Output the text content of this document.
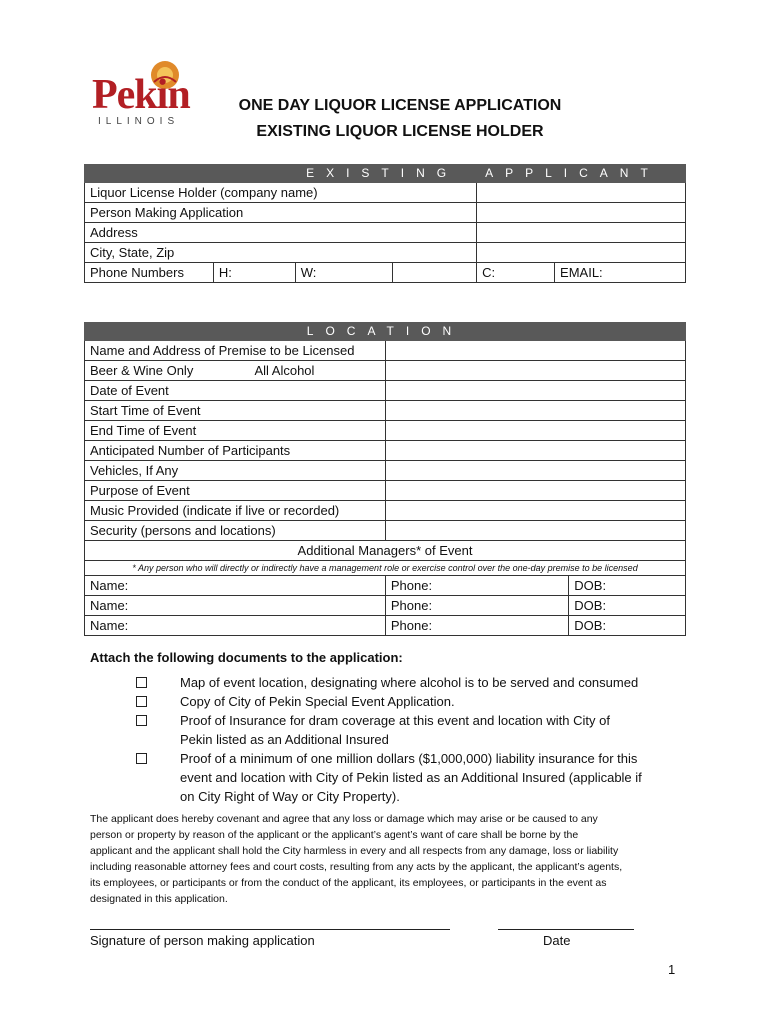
Pekin
ILLINOIS
ONE DAY LIQUOR LICENSE APPLICATION
EXISTING LIQUOR LICENSE HOLDER
EXISTING				APPLICANT	
Liquor License Holder (company name)					
Person Making Application					
Address					
City, State, Zip					
Phone Numbers	H:	W:		C:	EMAIL:
LOCATION			
Name and Address of Premise to be Licensed			
Beer & Wine Only	All Alcohol		
Date of Event			
Start Time of Event			
End Time of Event			
Anticipated Number of Participants			
Vehicles, If Any			
Purpose of Event			
Music Provided (indicate if live or recorded)			
Security (persons and locations)			
Additional Managers* of Event			
* Any person who will directly or indirectly have a management role or exercise control over the one-day premise to be licensed			
Name:		Phone:	DOB:
Name:		Phone:	DOB:
Name:		Phone:	DOB:
Attach the following documents to the application:
Map of event location, designating where alcohol is to be served and consumed
Copy of City of Pekin Special Event Application.
Proof of Insurance for dram coverage at this event and location with City of
Pekin listed as an Additional Insured
Proof of a minimum of one million dollars ($1,000,000) liability insurance for this
event and location with City of Pekin listed as an Additional Insured (applicable if
on City Right of Way or City Property).
The applicant does hereby covenant and agree that any loss or damage which may arise or be caused to any
person or property by reason of the applicant or the applicant’s agent’s want of care shall be borne by the
applicant and the applicant shall hold the City harmless in every and all respects from any damage, loss or liability
including reasonable attorney fees and court costs, resulting from any acts by the applicant, the applicant’s agents,
its employees, or participants or from the conduct of the applicant, its employees, or participants in the event as
designated in this application.
Signature of person making application	Date
1
